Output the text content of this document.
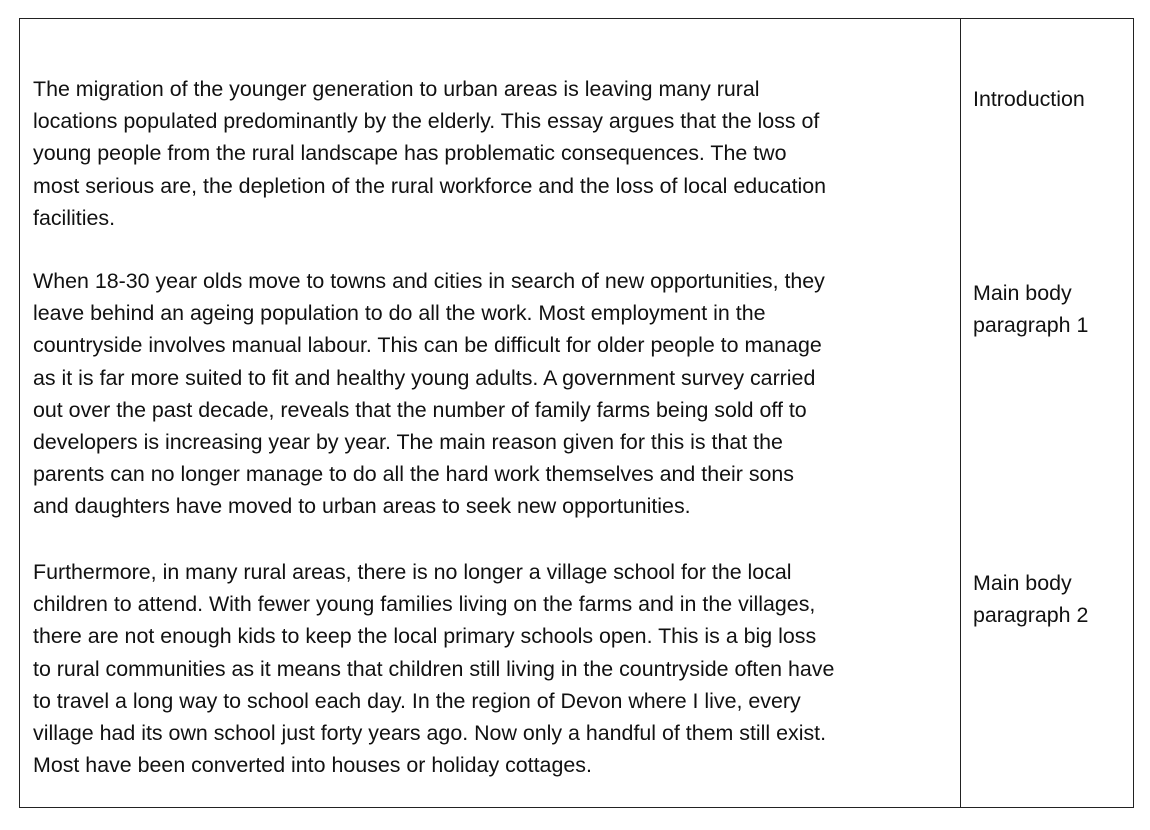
The migration of the younger generation to urban areas is leaving many rural
locations populated predominantly by the elderly. This essay argues that the loss of
young people from the rural landscape has problematic consequences. The two
most serious are, the depletion of the rural workforce and the loss of local education
facilities.

When 18-30 year olds move to towns and cities in search of new opportunities, they
leave behind an ageing population to do all the work. Most employment in the
countryside involves manual labour. This can be difficult for older people to manage
as it is far more suited to fit and healthy young adults. A government survey carried
out over the past decade, reveals that the number of family farms being sold off to
developers is increasing year by year. The main reason given for this is that the
parents can no longer manage to do all the hard work themselves and their sons
and daughters have moved to urban areas to seek new opportunities.

Furthermore, in many rural areas, there is no longer a village school for the local
children to attend. With fewer young families living on the farms and in the villages,
there are not enough kids to keep the local primary schools open. This is a big loss
to rural communities as it means that children still living in the countryside often have
to travel a long way to school each day. In the region of Devon where I live, every
village had its own school just forty years ago. Now only a handful of them still exist.
Most have been converted into houses or holiday cottages.

Introduction

Main body
paragraph 1

Main body
paragraph 2
